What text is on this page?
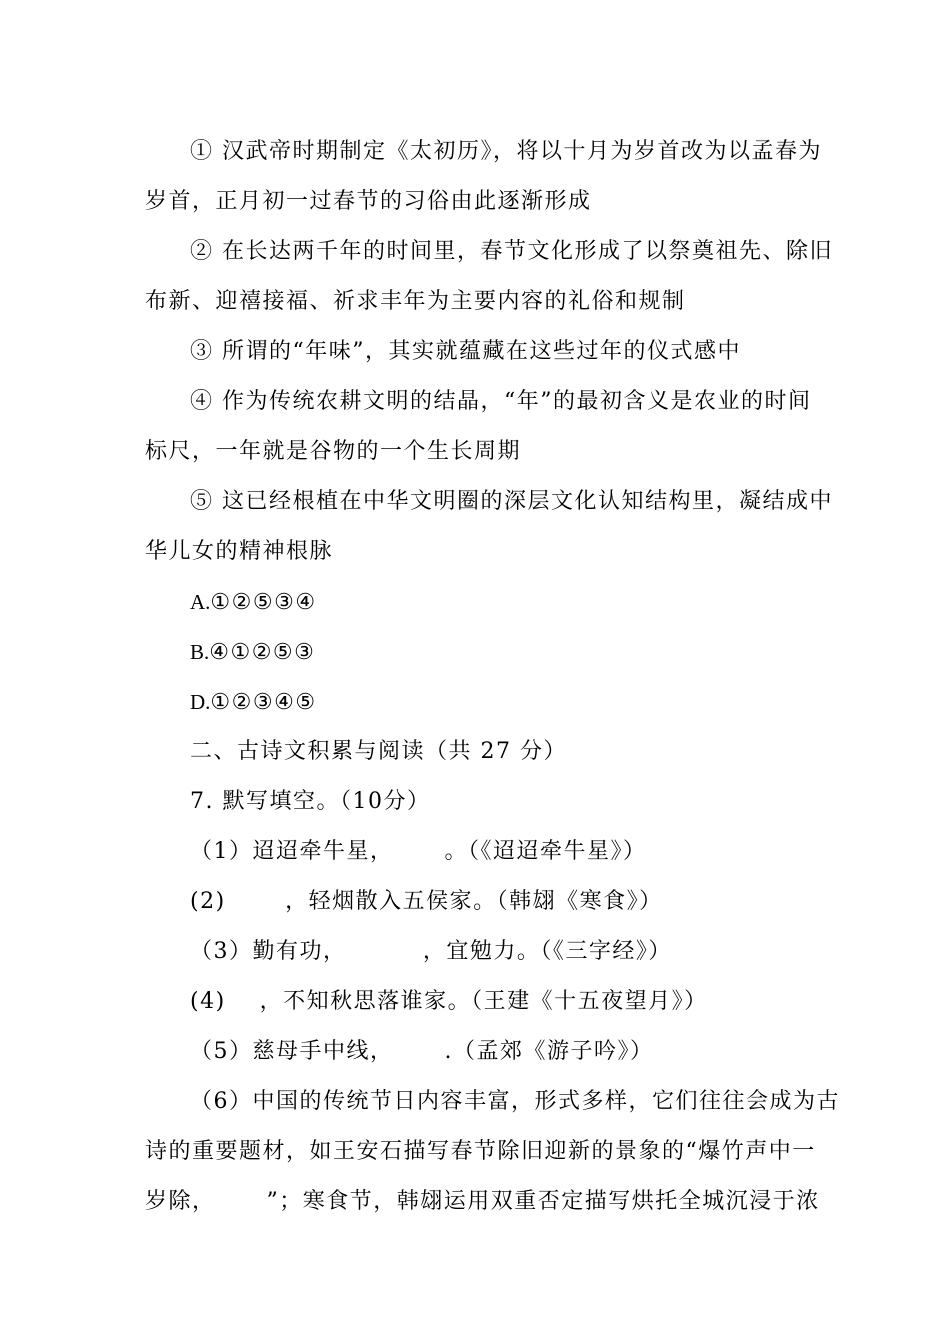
① 汉武帝时期制定《太初历》，将以十月为岁首改为以孟春为
岁首，正月初一过春节的习俗由此逐渐形成
② 在长达两千年的时间里，春节文化形成了以祭奠祖先、除旧
布新、迎禧接福、祈求丰年为主要内容的礼俗和规制
③ 所谓的“年味”，其实就蕴藏在这些过年的仪式感中
④ 作为传统农耕文明的结晶，“年”的最初含义是农业的时间
标尺，一年就是谷物的一个生长周期
⑤ 这已经根植在中华文明圈的深层文化认知结构里，凝结成中
华儿女的精神根脉
A.①②⑤③④
B.④①②⑤③
D.①②③④⑤
二、古诗文积累与阅读（共 27 分）
7. 默写填空。（10分）
（1）迢迢牵牛星，      。（《迢迢牵牛星》）
(2)       ，轻烟散入五侯家。（韩翃《寒食》）
（3）勤有功，         ，宜勉力。（《三字经》）
(4)    ，不知秋思落谁家。（王建《十五夜望月》）
（5）慈母手中线，      .（孟郊《游子吟》）
（6）中国的传统节日内容丰富，形式多样，它们往往会成为古
诗的重要题材，如王安石描写春节除旧迎新的景象的“爆竹声中一
岁除，      ”；寒食节，韩翃运用双重否定描写烘托全城沉浸于浓
